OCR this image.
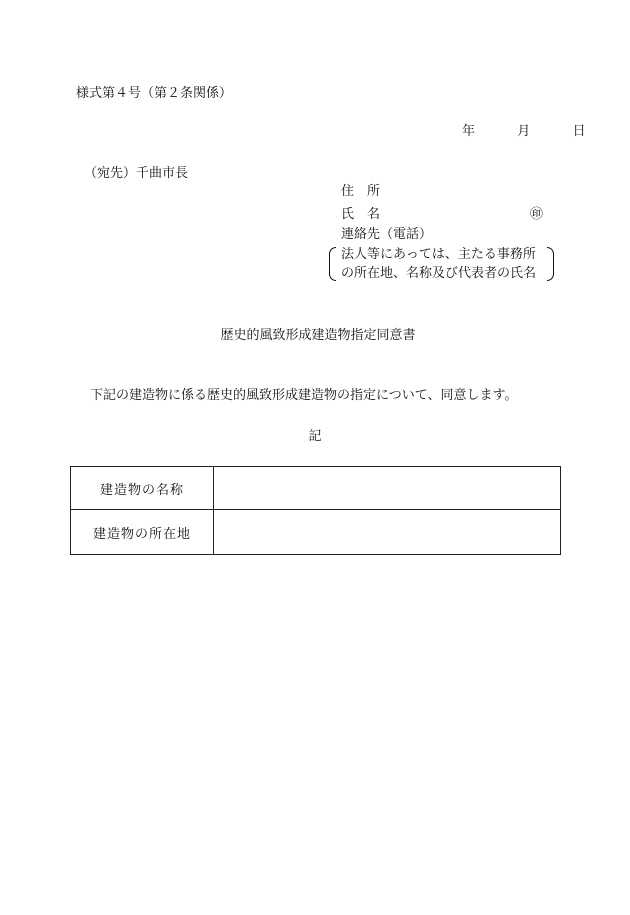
様式第４号（第２条関係）
年	月	日
（宛先）千曲市長
住　所
氏　名	㊞
連絡先（電話）
法人等にあっては、主たる事務所
の所在地、名称及び代表者の氏名
歴史的風致形成建造物指定同意書
下記の建造物に係る歴史的風致形成建造物の指定について、同意します。
記
建造物の名称	
建造物の所在地	
